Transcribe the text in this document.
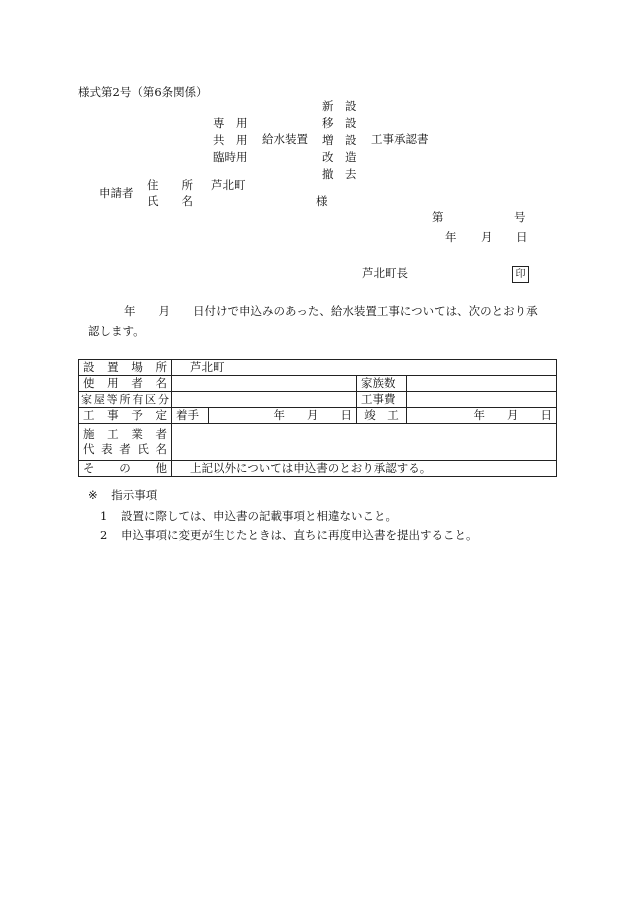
様式第2号（第6条関係）
専　用
共　用
臨時用
給水装置
新　設
移　設
増　設
改　造
撤　去
工事承認書
申請者
住　　所 芦北町
氏　　名	様
第	号
年 月 日
芦北町長	印
年　　月　　日付けで申込みのあった、給水装置工事については、次のとおり承
認します。
設置場所	芦北町			
使用者名			家族数	
家屋等所有区分			工事費	
工事予定	着手	年 月 日	竣　工	年 月 日

施工業者
代表者氏名				

その他	上記以外については申込書のとおり承認する。			
※ 指示事項
1 設置に際しては、申込書の記載事項と相違ないこと。
2 申込事項に変更が生じたときは、直ちに再度申込書を提出すること。
